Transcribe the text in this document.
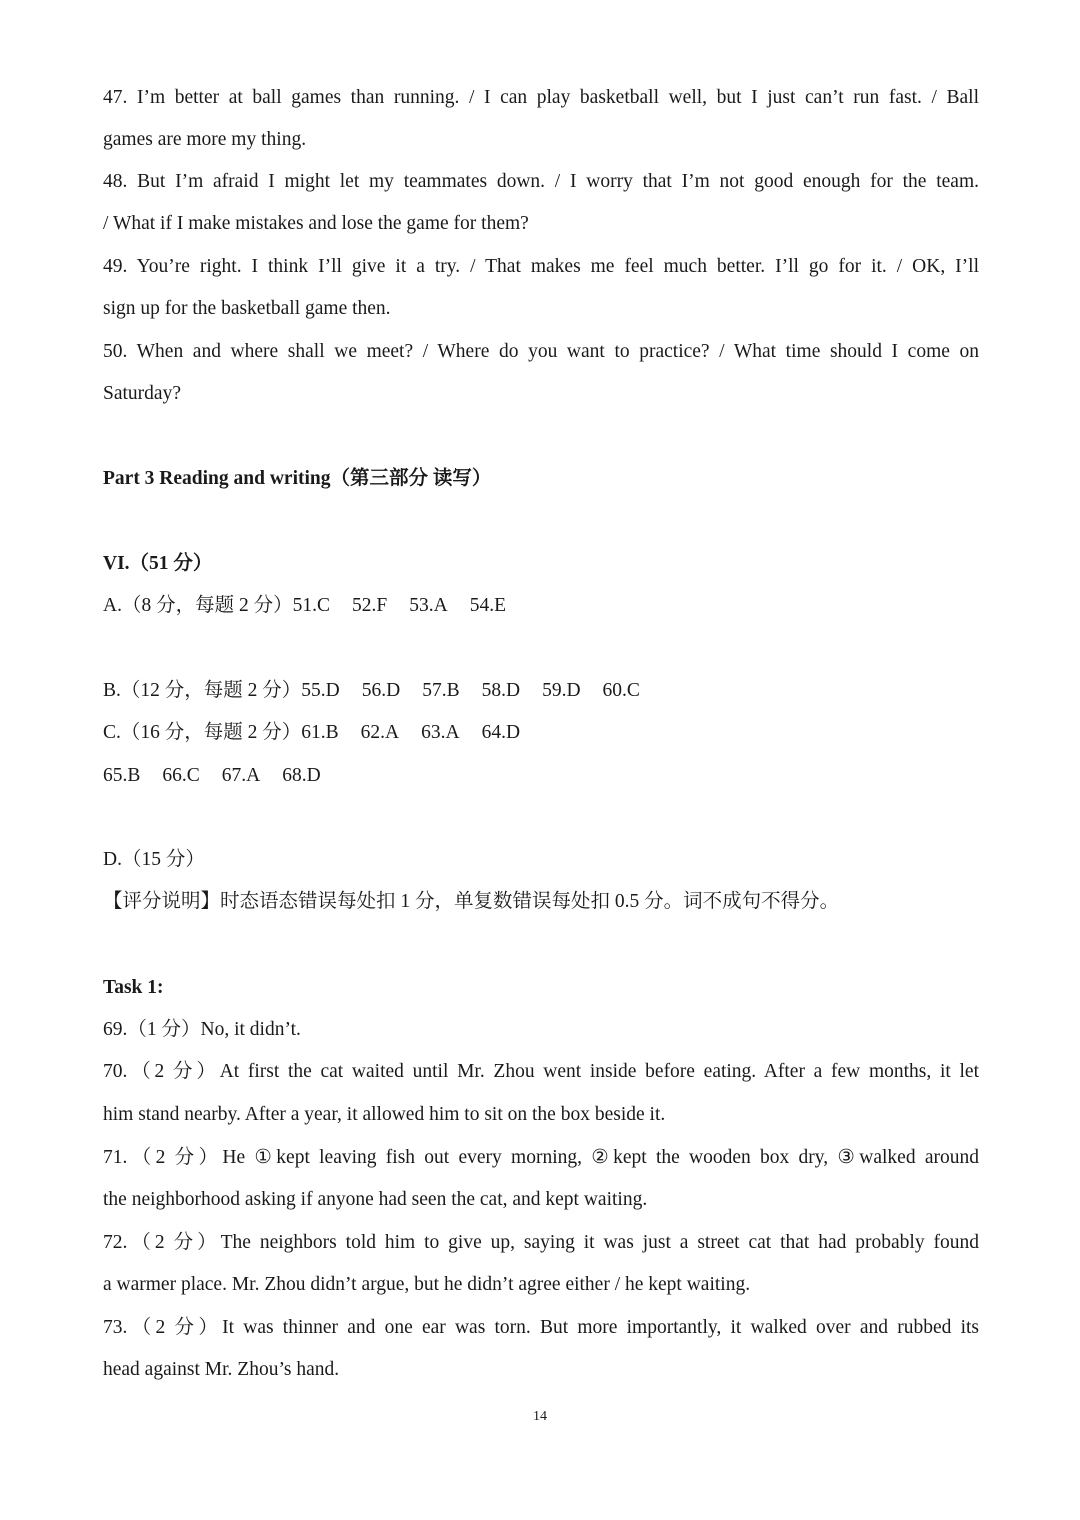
47. I’m better at ball games than running. / I can play basketball well, but I just can’t run fast. / Ball
games are more my thing.
48. But I’m afraid I might let my teammates down. / I worry that I’m not good enough for the team.
/ What if I make mistakes and lose the game for them?
49. You’re right. I think I’ll give it a try. / That makes me feel much better. I’ll go for it. / OK, I’ll
sign up for the basketball game then.
50. When and where shall we meet? / Where do you want to practice? / What time should I come on
Saturday?
Part 3 Reading and writing（第三部分 读写）
VI.（51 分）
A.（8 分，每题 2 分）51.C 52.F 53.A 54.E
B.（12 分，每题 2 分）55.D 56.D 57.B 58.D 59.D 60.C
C.（16 分，每题 2 分）61.B 62.A 63.A 64.D
65.B 66.C 67.A 68.D
D.（15 分）
【评分说明】时态语态错误每处扣 1 分，单复数错误每处扣 0.5 分。词不成句不得分。
Task 1:
69.（1 分）No, it didn’t.
70.（2 分）At first the cat waited until Mr. Zhou went inside before eating. After a few months, it let
him stand nearby. After a year, it allowed him to sit on the box beside it.
71.（2 分）He ①kept leaving fish out every morning, ②kept the wooden box dry, ③walked around
the neighborhood asking if anyone had seen the cat, and kept waiting.
72.（2 分）The neighbors told him to give up, saying it was just a street cat that had probably found
a warmer place. Mr. Zhou didn’t argue, but he didn’t agree either / he kept waiting.
73.（2 分）It was thinner and one ear was torn. But more importantly, it walked over and rubbed its
head against Mr. Zhou’s hand.
14
